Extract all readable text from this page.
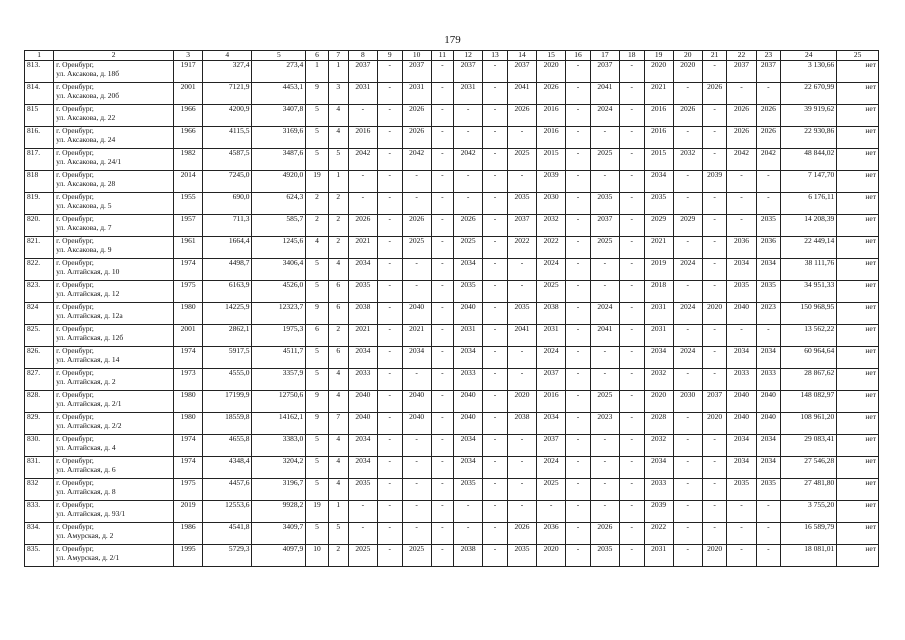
179
1	2	3	4	5	6	7	8	9	10	11	12	13	14	15	16	17	18	19	20	21	22	23	24	25
813.	г. Оренбург,
ул. Аксакова, д. 18б	1917	327,4	273,4	1	1	2037	-	2037	-	2037	-	2037	2020	-	2037	-	2020	2020	-	2037	2037	3 130,66	нет
814.	г. Оренбург,
ул. Аксакова, д. 20б	2001	7121,9	4453,1	9	3	2031	-	2031	-	2031	-	2041	2026	-	2041	-	2021	-	2026	-	-	22 670,99	нет
815	г. Оренбург,
ул. Аксакова, д. 22	1966	4200,9	3407,8	5	4	-	-	2026	-	-	-	2026	2016	-	2024	-	2016	2026	-	2026	2026	39 919,62	нет
816.	г. Оренбург,
ул. Аксакова, д. 24	1966	4115,5	3169,6	5	4	2016	-	2026	-	-	-	-	2016	-	-	-	2016	-	-	2026	2026	22 930,86	нет
817.	г. Оренбург,
ул. Аксакова, д. 24/1	1982	4587,5	3487,6	5	5	2042	-	2042	-	2042	-	2025	2015	-	2025	-	2015	2032	-	2042	2042	48 844,02	нет
818	г. Оренбург,
ул. Аксакова, д. 28	2014	7245,0	4920,0	19	1	-	-	-	-	-	-	-	2039	-	-	-	2034	-	2039	-	-	7 147,70	нет
819.	г. Оренбург,
ул. Аксакова, д. 5	1955	690,0	624,3	2	2	-	-	-	-	-	-	2035	2030	-	2035	-	2035	-	-	-	-	6 176,11	нет
820.	г. Оренбург,
ул. Аксакова, д. 7	1957	711,3	585,7	2	2	2026	-	2026	-	2026	-	2037	2032	-	2037	-	2029	2029	-	-	2035	14 208,39	нет
821.	г. Оренбург,
ул. Аксакова, д. 9	1961	1664,4	1245,6	4	2	2021	-	2025	-	2025	-	2022	2022	-	2025	-	2021	-	-	2036	2036	22 449,14	нет
822.	г. Оренбург,
ул. Алтайская, д. 10	1974	4498,7	3406,4	5	4	2034	-	-	-	2034	-	-	2024	-	-	-	2019	2024	-	2034	2034	38 111,76	нет
823.	г. Оренбург,
ул. Алтайская, д. 12	1975	6163,9	4526,0	5	6	2035	-	-	-	2035	-	-	2025	-	-	-	2018	-	-	2035	2035	34 951,33	нет
824	г. Оренбург,
ул. Алтайская, д. 12а	1980	14225,9	12323,7	9	6	2038	-	2040	-	2040	-	2035	2038	-	2024	-	2031	2024	2020	2040	2023	150 968,95	нет
825.	г. Оренбург,
ул. Алтайская, д. 12б	2001	2862,1	1975,3	6	2	2021	-	2021	-	2031	-	2041	2031	-	2041	-	2031	-	-	-	-	13 562,22	нет
826.	г. Оренбург,
ул. Алтайская, д. 14	1974	5917,5	4511,7	5	6	2034	-	2034	-	2034	-	-	2024	-	-	-	2034	2024	-	2034	2034	60 964,64	нет
827.	г. Оренбург,
ул. Алтайская, д. 2	1973	4555,0	3357,9	5	4	2033	-	-	-	2033	-	-	2037	-	-	-	2032	-	-	2033	2033	28 867,62	нет
828.	г. Оренбург,
ул. Алтайская, д. 2/1	1980	17199,9	12750,6	9	4	2040	-	2040	-	2040	-	2020	2016	-	2025	-	2020	2030	2037	2040	2040	148 082,97	нет
829.	г. Оренбург,
ул. Алтайская, д. 2/2	1980	18559,8	14162,1	9	7	2040	-	2040	-	2040	-	2038	2034	-	2023	-	2028	-	2020	2040	2040	108 961,20	нет
830.	г. Оренбург,
ул. Алтайская, д. 4	1974	4655,8	3383,0	5	4	2034	-	-	-	2034	-	-	2037	-	-	-	2032	-	-	2034	2034	29 083,41	нет
831.	г. Оренбург,
ул. Алтайская, д. 6	1974	4348,4	3204,2	5	4	2034	-	-	-	2034	-	-	2024	-	-	-	2034	-	-	2034	2034	27 546,28	нет
832	г. Оренбург,
ул. Алтайская, д. 8	1975	4457,6	3196,7	5	4	2035	-	-	-	2035	-	-	2025	-	-	-	2033	-	-	2035	2035	27 481,80	нет
833.	г. Оренбург,
ул. Алтайская, д. 93/1	2019	12553,6	9928,2	19	1	-	-	-	-	-	-	-	-	-	-	-	2039	-	-	-	-	3 755,20	нет
834.	г. Оренбург,
ул. Амурская, д. 2	1986	4541,8	3409,7	5	5	-	-	-	-	-	-	2026	2036	-	2026	-	2022	-	-	-	-	16 589,79	нет
835.	г. Оренбург,
ул. Амурская, д. 2/1	1995	5729,3	4097,9	10	2	2025	-	2025	-	2038	-	2035	2020	-	2035	-	2031	-	2020	-	-	18 081,01	нет
